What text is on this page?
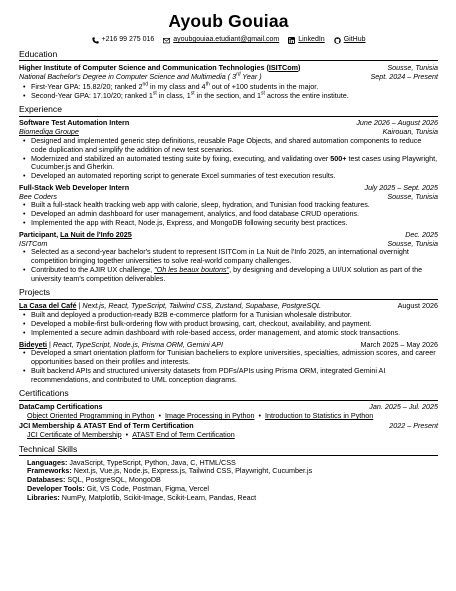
Ayoub Gouiaa
+216 99 275 016	ayoubgouiaa.etudiant@gmail.com	LinkedIn	GitHub
Education
Higher Institute of Computer Science and Communication Technologies (ISITCom)	Sousse, Tunisia
National Bachelor's Degree in Computer Science and Multimedia ( 3rd Year )	Sept. 2024 – Present
• First-Year GPA: 15.82/20; ranked 2nd in my class and 4th out of +100 students in the major.
• Second-Year GPA: 17.10/20; ranked 1st in class, 1st in the section, and 1st across the entire institute.
Experience
Software Test Automation Intern	June 2026 – August 2026
Biomediqa Groupe	Kairouan, Tunisia
• Designed and implemented generic step definitions, reusable Page Objects, and shared automation components to reduce code duplication and simplify the addition of new test scenarios.
• Modernized and stabilized an automated testing suite by fixing, executing, and validating over 500+ test cases using Playwright, Cucumber.js and Gherkin.
• Developed an automated reporting script to generate Excel summaries of test execution results.
Full-Stack Web Developer Intern	July 2025 – Sept. 2025
Bee Coders	Sousse, Tunisia
• Built a full-stack health tracking web app with calorie, sleep, hydration, and Tunisian food tracking features.
• Developed an admin dashboard for user management, analytics, and food database CRUD operations.
• Implemented the app with React, Node.js, Express, and MongoDB following security best practices.
Participant, La Nuit de l'Info 2025	Dec. 2025
ISITCom	Sousse, Tunisia
• Selected as a second-year bachelor's student to represent ISITCom in La Nuit de l'Info 2025, an international overnight competition bringing together universities to solve real-world company challenges.
• Contributed to the AJIR UX challenge, "Oh les beaux boutons", by designing and developing a UI/UX solution as part of the university team's competition deliverables.
Projects
La Casa del Café | Next.js, React, TypeScript, Tailwind CSS, Zustand, Supabase, PostgreSQL	August 2026
• Built and deployed a production-ready B2B e-commerce platform for a Tunisian wholesale distributor.
• Developed a mobile-first bulk-ordering flow with product browsing, cart, checkout, availability, and payment.
• Implemented a secure admin dashboard with role-based access, order management, and atomic stock transactions.
Bideyeti | React, TypeScript, Node.js, Prisma ORM, Gemini API	March 2025 – May 2026
• Developed a smart orientation platform for Tunisian bacheliers to explore universities, specialties, admission scores, and career opportunities based on their profiles and interests.
• Built backend APIs and structured university datasets from PDFs/APIs using Prisma ORM, integrated Gemini AI recommendations, and contributed to UML conception diagrams.
Certifications
DataCamp Certifications	Jan. 2025 – Jul. 2025
Object Oriented Programming in Python • Image Processing in Python • Introduction to Statistics in Python
JCI Membership & ATAST End of Term Certification	2022 – Present
JCI Certificate of Membership • ATAST End of Term Certification
Technical Skills
Languages: JavaScript, TypeScript, Python, Java, C, HTML/CSS
Frameworks: Next.js, Vue.js, Node.js, Express.js, Tailwind CSS, Playwright, Cucumber.js
Databases: SQL, PostgreSQL, MongoDB
Developer Tools: Git, VS Code, Postman, Figma, Vercel
Libraries: NumPy, Matplotlib, Scikit-Image, Scikit-Learn, Pandas, React
